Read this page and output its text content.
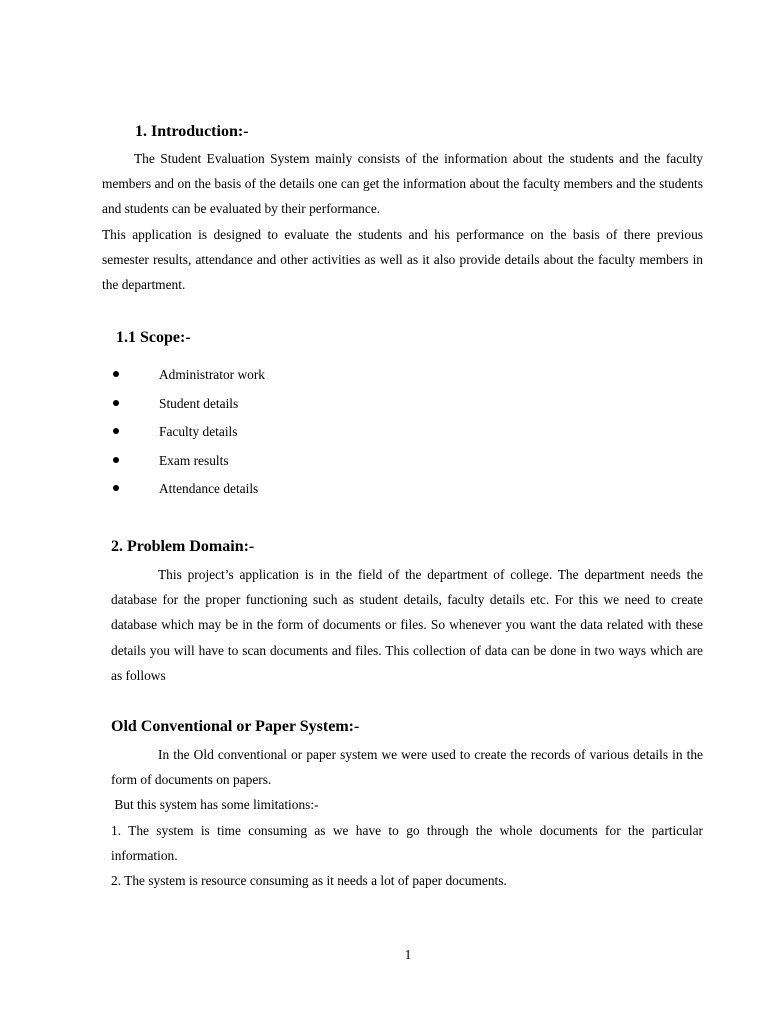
1. Introduction:-

The Student Evaluation System mainly consists of the information about the students and the faculty members and on the basis of the details one can get the information about the faculty members and the students and students can be evaluated by their performance.

This application is designed to evaluate the students and his performance on the basis of there previous semester results, attendance and other activities as well as it also provide details about the faculty members in the department.

1.1 Scope:-
Administrator work
Student details
Faculty details
Exam results
Attendance details
2. Problem Domain:-

This project’s application is in the field of the department of college. The department needs the database for the proper functioning such as student details, faculty details etc. For this we need to create database which may be in the form of documents or files. So whenever you want the data related with these details you will have to scan documents and files. This collection of data can be done in two ways which are as follows

Old Conventional or Paper System:-

In the Old conventional or paper system we were used to create the records of various details in the form of documents on papers.

But this system has some limitations:-

1. The system is time consuming as we have to go through the whole documents for the particular information.

2. The system is resource consuming as it needs a lot of paper documents.

1
